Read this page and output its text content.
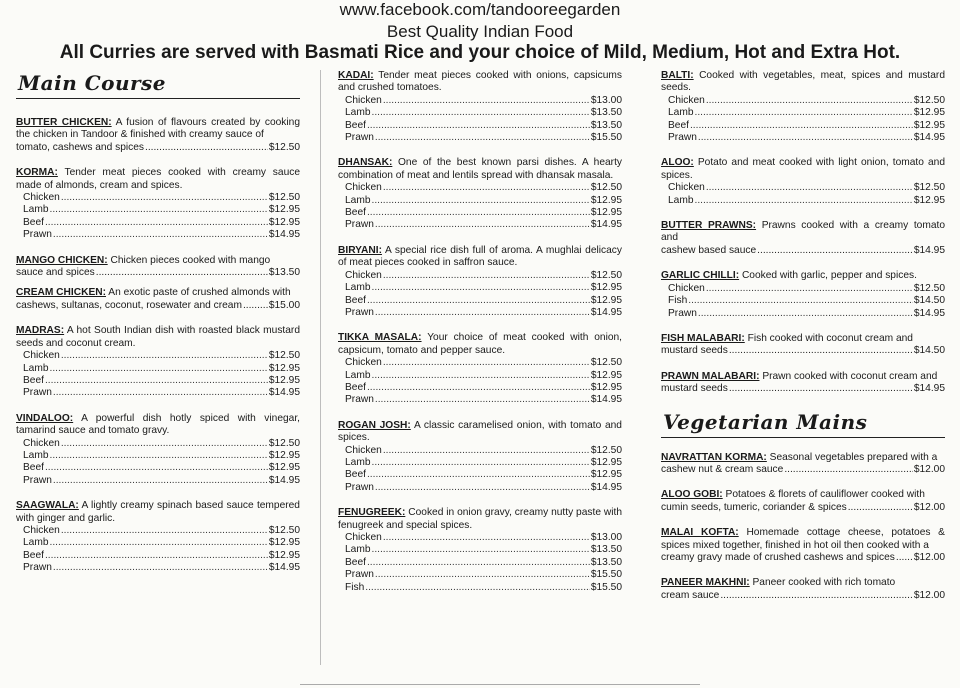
www.facebook.com/tandooreegarden
Best Quality Indian Food
All Curries are served with Basmati Rice and your choice of Mild, Medium, Hot and Extra Hot.
Main Course
BUTTER CHICKEN: A fusion of flavours created by cooking the chicken in Tandoor & finished with creamy sauce of
tomato, cashews and spices .....	$12.50
KORMA: Tender meat pieces cooked with creamy sauce made of almonds, cream and spices.
Chicken .....	$12.50
Lamb .....	$12.95
Beef .....	$12.95
Prawn .....	$14.95
MANGO CHICKEN: Chicken pieces cooked with mango
sauce and spices .....	$13.50
CREAM CHICKEN: An exotic paste of crushed almonds with
cashews, sultanas, coconut, rosewater and cream .....	$15.00
MADRAS: A hot South Indian dish with roasted black mustard seeds and coconut cream.
Chicken .....	$12.50
Lamb .....	$12.95
Beef .....	$12.95
Prawn .....	$14.95
VINDALOO: A powerful dish hotly spiced with vinegar, tamarind sauce and tomato gravy.
Chicken .....	$12.50
Lamb .....	$12.95
Beef .....	$12.95
Prawn .....	$14.95
SAAGWALA: A lightly creamy spinach based sauce tempered with ginger and garlic.
Chicken .....	$12.50
Lamb .....	$12.95
Beef .....	$12.95
Prawn .....	$14.95
KADAI: Tender meat pieces cooked with onions, capsicums and crushed tomatoes.
Chicken .....	$13.00
Lamb .....	$13.50
Beef .....	$13.50
Prawn .....	$15.50
DHANSAK: One of the best known parsi dishes. A hearty combination of meat and lentils spread with dhansak masala.
Chicken .....	$12.50
Lamb .....	$12.95
Beef .....	$12.95
Prawn .....	$14.95
BIRYANI: A special rice dish full of aroma. A mughlai delicacy of meat pieces cooked in saffron sauce.
Chicken .....	$12.50
Lamb .....	$12.95
Beef .....	$12.95
Prawn .....	$14.95
TIKKA MASALA: Your choice of meat cooked with onion, capsicum, tomato and pepper sauce.
Chicken .....	$12.50
Lamb .....	$12.95
Beef .....	$12.95
Prawn .....	$14.95
ROGAN JOSH: A classic caramelised onion, with tomato and spices.
Chicken .....	$12.50
Lamb .....	$12.95
Beef .....	$12.95
Prawn .....	$14.95
FENUGREEK: Cooked in onion gravy, creamy nutty paste with fenugreek and special spices.
Chicken .....	$13.00
Lamb .....	$13.50
Beef .....	$13.50
Prawn .....	$15.50
Fish .....	$15.50
BALTI: Cooked with vegetables, meat, spices and mustard seeds.
Chicken .....	$12.50
Lamb .....	$12.95
Beef .....	$12.95
Prawn .....	$14.95
ALOO: Potato and meat cooked with light onion, tomato and spices.
Chicken .....	$12.50
Lamb .....	$12.95
BUTTER PRAWNS: Prawns cooked with a creamy tomato and
cashew based sauce .....	$14.95
GARLIC CHILLI: Cooked with garlic, pepper and spices.
Chicken .....	$12.50
Fish .....	$14.50
Prawn .....	$14.95
FISH MALABARI: Fish cooked with coconut cream and
mustard seeds .....	$14.50
PRAWN MALABARI: Prawn cooked with coconut cream and
mustard seeds .....	$14.95
Vegetarian Mains
NAVRATTAN KORMA: Seasonal vegetables prepared with a
cashew nut & cream sauce .....	$12.00
ALOO GOBI: Potatoes & florets of cauliflower cooked with
cumin seeds, tumeric, coriander & spices .....	$12.00
MALAI KOFTA: Homemade cottage cheese, potatoes & spices mixed together, finished in hot oil then cooked with a
creamy gravy made of crushed cashews and spices ..... $12.00
PANEER MAKHNI: Paneer cooked with rich tomato
cream sauce .....	$12.00
